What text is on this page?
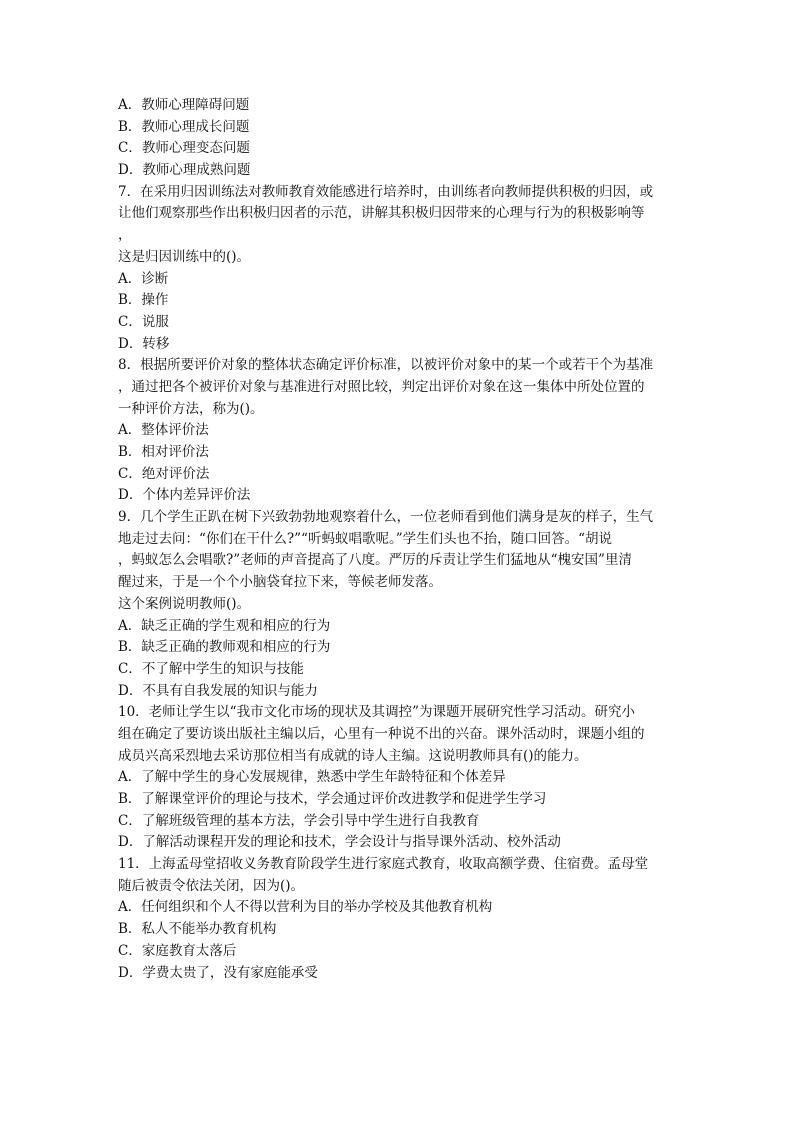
A．教师心理障碍问题
B．教师心理成长问题
C．教师心理变态问题
D．教师心理成熟问题
7．在采用归因训练法对教师教育效能感进行培养时，由训练者向教师提供积极的归因，或
让他们观察那些作出积极归因者的示范，讲解其积极归因带来的心理与行为的积极影响等
，
这是归因训练中的()。
A．诊断
B．操作
C．说服
D．转移
8．根据所要评价对象的整体状态确定评价标准，以被评价对象中的某一个或若干个为基准
，通过把各个被评价对象与基准进行对照比较，判定出评价对象在这一集体中所处位置的
一种评价方法，称为()。
A．整体评价法
B．相对评价法
C．绝对评价法
D．个体内差异评价法
9．几个学生正趴在树下兴致勃勃地观察着什么，一位老师看到他们满身是灰的样子，生气
地走过去问：“你们在干什么?”“听蚂蚁唱歌呢。”学生们头也不抬，随口回答。“胡说
，蚂蚁怎么会唱歌?”老师的声音提高了八度。严厉的斥责让学生们猛地从“槐安国”里清
醒过来，于是一个个小脑袋耷拉下来，等候老师发落。
这个案例说明教师()。
A．缺乏正确的学生观和相应的行为
B．缺乏正确的教师观和相应的行为
C．不了解中学生的知识与技能
D．不具有自我发展的知识与能力
10．老师让学生以“我市文化市场的现状及其调控”为课题开展研究性学习活动。研究小
组在确定了要访谈出版社主编以后，心里有一种说不出的兴奋。课外活动时，课题小组的
成员兴高采烈地去采访那位相当有成就的诗人主编。这说明教师具有()的能力。
A．了解中学生的身心发展规律，熟悉中学生年龄特征和个体差异
B．了解课堂评价的理论与技术，学会通过评价改进教学和促进学生学习
C．了解班级管理的基本方法，学会引导中学生进行自我教育
D．了解活动课程开发的理论和技术，学会设计与指导课外活动、校外活动
11．上海孟母堂招收义务教育阶段学生进行家庭式教育，收取高额学费、住宿费。孟母堂
随后被责令依法关闭，因为()。
A．任何组织和个人不得以营利为目的举办学校及其他教育机构
B．私人不能举办教育机构
C．家庭教育太落后
D．学费太贵了，没有家庭能承受
